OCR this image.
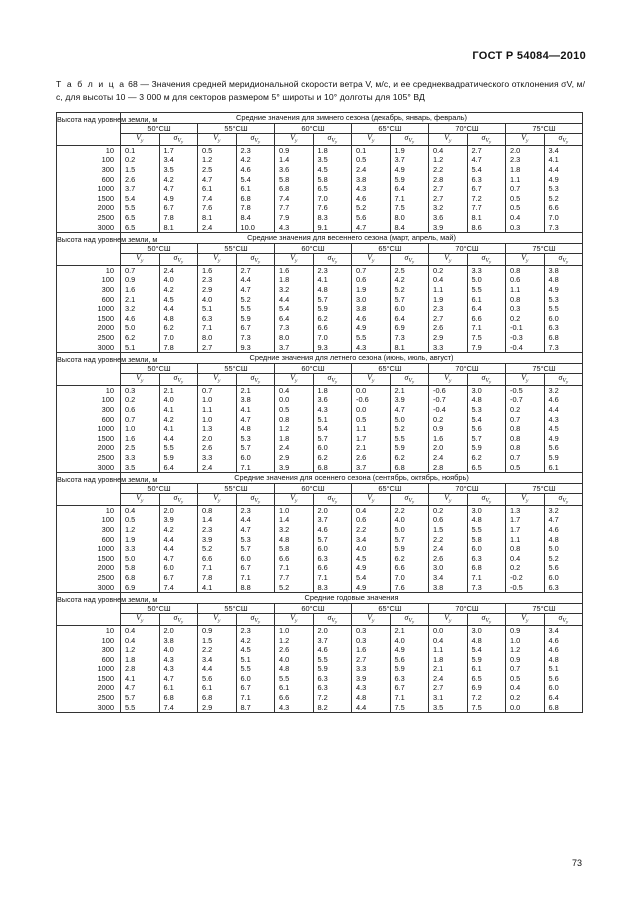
ГОСТ Р 54084—2010
Т а б л и ц а 68 — Значения средней меридиональной скорости ветра V, м/с, и ее среднеквадратического отклонения σV, м/с, для высоты 10 — 3 000 м для секторов размером 5° широты и 10° долготы для 105° ВД
Высота над уровнем земли, м	Средние значения для зимнего сезона (декабрь, январь, февраль)											
	50°СШ		55°СШ		60°СШ		65°СШ		70°СШ		75°СШ	
	$V_y$	$\sigma_{Vy}$	$V_y$	$\sigma_{Vy}$	$V_y$	$\sigma_{Vy}$	$V_y$	$\sigma_{Vy}$	$V_y$	$\sigma_{Vy}$	$V_y$	$\sigma_{Vy}$
10	0.1	1.7	0.5	2.3	0.9	1.8	0.1	1.9	0.4	2.7	2.0	3.4
100	0.2	3.4	1.2	4.2	1.4	3.5	0.5	3.7	1.2	4.7	2.3	4.1
300	1.5	3.5	2.5	4.6	3.6	4.5	2.4	4.9	2.2	5.4	1.8	4.4
600	2.6	4.2	4.7	5.4	5.8	5.8	3.8	5.9	2.8	6.3	1.1	4.9
1000	3.7	4.7	6.1	6.1	6.8	6.5	4.3	6.4	2.7	6.7	0.7	5.3
1500	5.4	4.9	7.4	6.8	7.4	7.0	4.6	7.1	2.7	7.2	0.5	5.2
2000	5.5	6.7	7.6	7.8	7.7	7.6	5.2	7.5	3.2	7.7	0.5	6.6
2500	6.5	7.8	8.1	8.4	7.9	8.3	5.6	8.0	3.6	8.1	0.4	7.0
3000	6.5	8.1	2.4	10.0	4.3	9.1	4.7	8.4	3.9	8.6	0.3	7.3
Высота над уровнем земли, м	Средние значения для весеннего сезона (март, апрель, май)											
	50°СШ		55°СШ		60°СШ		65°СШ		70°СШ		75°СШ	
	$V_y$	$\sigma_{Vy}$	$V_y$	$\sigma_{Vy}$	$V_y$	$\sigma_{Vy}$	$V_y$	$\sigma_{Vy}$	$V_y$	$\sigma_{Vy}$	$V_y$	$\sigma_{Vy}$
10	0.7	2.4	1.6	2.7	1.6	2.3	0.7	2.5	0.2	3.3	0.8	3.8
100	0.9	4.0	2.3	4.4	1.8	4.1	0.6	4.2	0.4	5.0	0.6	4.8
300	1.6	4.2	2.9	4.7	3.2	4.8	1.9	5.2	1.1	5.5	1.1	4.9
600	2.1	4.5	4.0	5.2	4.4	5.7	3.0	5.7	1.9	6.1	0.8	5.3
1000	3.2	4.4	5.1	5.5	5.4	5.9	3.8	6.0	2.3	6.4	0.3	5.5
1500	4.6	4.8	6.3	5.9	6.4	6.2	4.6	6.4	2.7	6.6	0.2	6.0
2000	5.0	6.2	7.1	6.7	7.3	6.6	4.9	6.9	2.6	7.1	-0.1	6.3
2500	6.2	7.0	8.0	7.3	8.0	7.0	5.5	7.3	2.9	7.5	-0.3	6.8
3000	5.1	7.8	2.7	9.3	3.7	9.3	4.3	8.1	3.3	7.9	-0.4	7.3
Высота над уровнем земли, м	Средние значения для летнего сезона (июнь, июль, август)											
	50°СШ		55°СШ		60°СШ		65°СШ		70°СШ		75°СШ	
	$V_y$	$\sigma_{Vy}$	$V_y$	$\sigma_{Vy}$	$V_y$	$\sigma_{Vy}$	$V_y$	$\sigma_{Vy}$	$V_y$	$\sigma_{Vy}$	$V_y$	$\sigma_{Vy}$
10	0.3	2.1	0.7	2.1	0.4	1.8	0.0	2.1	-0.6	3.0	-0.5	3.2
100	0.2	4.0	1.0	3.8	0.0	3.6	-0.6	3.9	-0.7	4.8	-0.7	4.6
300	0.6	4.1	1.1	4.1	0.5	4.3	0.0	4.7	-0.4	5.3	0.2	4.4
600	0.7	4.2	1.0	4.7	0.8	5.1	0.5	5.0	0.2	5.4	0.7	4.3
1000	1.0	4.1	1.3	4.8	1.2	5.4	1.1	5.2	0.9	5.6	0.8	4.5
1500	1.6	4.4	2.0	5.3	1.8	5.7	1.7	5.5	1.6	5.7	0.8	4.9
2000	2.5	5.5	2.6	5.7	2.4	6.0	2.1	5.9	2.0	5.9	0.8	5.6
2500	3.3	5.9	3.3	6.0	2.9	6.2	2.6	6.2	2.4	6.2	0.7	5.9
3000	3.5	6.4	2.4	7.1	3.9	6.8	3.7	6.8	2.8	6.5	0.5	6.1
Высота над уровнем земли, м	Средние значения для осеннего сезона (сентябрь, октябрь, ноябрь)											
	50°СШ		55°СШ		60°СШ		65°СШ		70°СШ		75°СШ	
	$V_y$	$\sigma_{Vy}$	$V_y$	$\sigma_{Vy}$	$V_y$	$\sigma_{Vy}$	$V_y$	$\sigma_{Vy}$	$V_y$	$\sigma_{Vy}$	$V_y$	$\sigma_{Vy}$
10	0.4	2.0	0.8	2.3	1.0	2.0	0.4	2.2	0.2	3.0	1.3	3.2
100	0.5	3.9	1.4	4.4	1.4	3.7	0.6	4.0	0.6	4.8	1.7	4.7
300	1.2	4.2	2.3	4.7	3.2	4.6	2.2	5.0	1.5	5.5	1.7	4.6
600	1.9	4.4	3.9	5.3	4.8	5.7	3.4	5.7	2.2	5.8	1.1	4.8
1000	3.3	4.4	5.2	5.7	5.8	6.0	4.0	5.9	2.4	6.0	0.8	5.0
1500	5.0	4.7	6.6	6.0	6.6	6.3	4.5	6.2	2.6	6.3	0.4	5.2
2000	5.8	6.0	7.1	6.7	7.1	6.6	4.9	6.6	3.0	6.8	0.2	5.6
2500	6.8	6.7	7.8	7.1	7.7	7.1	5.4	7.0	3.4	7.1	-0.2	6.0
3000	6.9	7.4	4.1	8.8	5.2	8.3	4.9	7.6	3.8	7.3	-0.5	6.3
Высота над уровнем земли, м	Средние годовые значения											
	50°СШ		55°СШ		60°СШ		65°СШ		70°СШ		75°СШ	
	$V_y$	$\sigma_{Vy}$	$V_y$	$\sigma_{Vy}$	$V_y$	$\sigma_{Vy}$	$V_y$	$\sigma_{Vy}$	$V_y$	$\sigma_{Vy}$	$V_y$	$\sigma_{Vy}$
10	0.4	2.0	0.9	2.3	1.0	2.0	0.3	2.1	0.0	3.0	0.9	3.4
100	0.4	3.8	1.5	4.2	1.2	3.7	0.3	4.0	0.4	4.8	1.0	4.6
300	1.2	4.0	2.2	4.5	2.6	4.6	1.6	4.9	1.1	5.4	1.2	4.6
600	1.8	4.3	3.4	5.1	4.0	5.5	2.7	5.6	1.8	5.9	0.9	4.8
1000	2.8	4.3	4.4	5.5	4.8	5.9	3.3	5.9	2.1	6.1	0.7	5.1
1500	4.1	4.7	5.6	6.0	5.5	6.3	3.9	6.3	2.4	6.5	0.5	5.6
2000	4.7	6.1	6.1	6.7	6.1	6.3	4.3	6.7	2.7	6.9	0.4	6.0
2500	5.7	6.8	6.8	7.1	6.6	7.2	4.8	7.1	3.1	7.2	0.2	6.4
3000	5.5	7.4	2.9	8.7	4.3	8.2	4.4	7.5	3.5	7.5	0.0	6.8
73
